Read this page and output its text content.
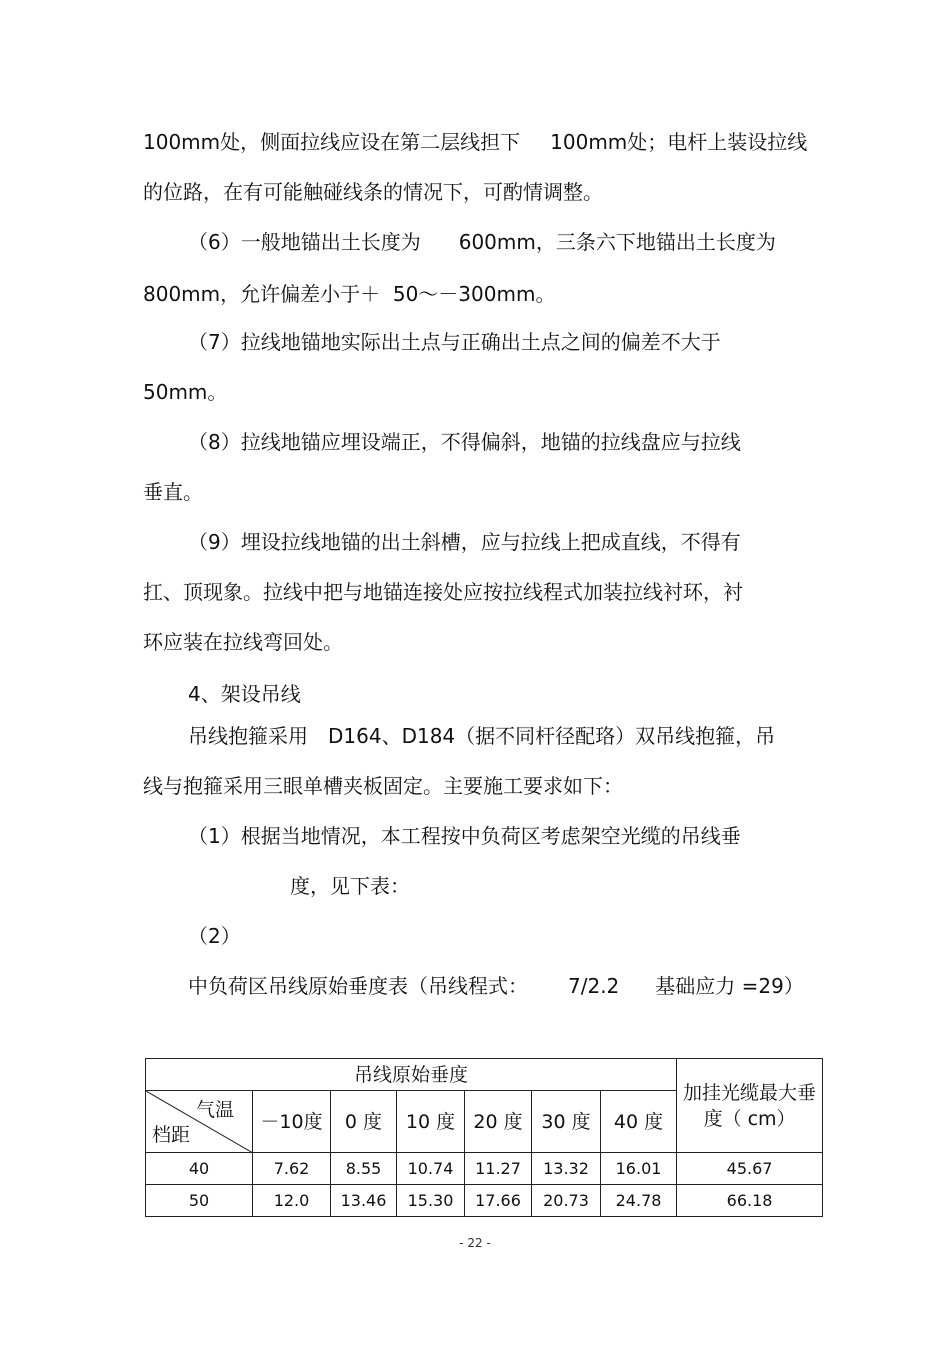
100mm处，侧面拉线应设在第二层线担下 100mm处；电杆上装设拉线
的位路，在有可能触碰线条的情况下，可酌情调整。
（6）一般地锚出土长度为 600mm，三条六下地锚出土长度为
800mm，允许偏差小于＋  50～－300mm。
（7）拉线地锚地实际出土点与正确出土点之间的偏差不大于
50mm。
（8）拉线地锚应埋设端正，不得偏斜，地锚的拉线盘应与拉线
垂直。
（9）埋设拉线地锚的出土斜槽，应与拉线上把成直线，不得有
扛、顶现象。拉线中把与地锚连接处应按拉线程式加装拉线衬环，衬
环应装在拉线弯回处。
4、架设吊线
吊线抱箍采用 D164、D184（据不同杆径配珞）双吊线抱箍，吊
线与抱箍采用三眼单槽夹板固定。主要施工要求如下：
（1）根据当地情况，本工程按中负荷区考虑架空光缆的吊线垂
度，见下表：
（2）
中负荷区吊线原始垂度表（吊线程式： 7/2.2 基础应力 =29）
吊线原始垂度							加挂光缆最大垂度（ cm）

气温
档距	－10度	0 度	10 度	20 度	30 度	40 度	
40	7.62	8.55	10.74	11.27	13.32	16.01	45.67
50	12.0	13.46	15.30	17.66	20.73	24.78	66.18
- 22 -
